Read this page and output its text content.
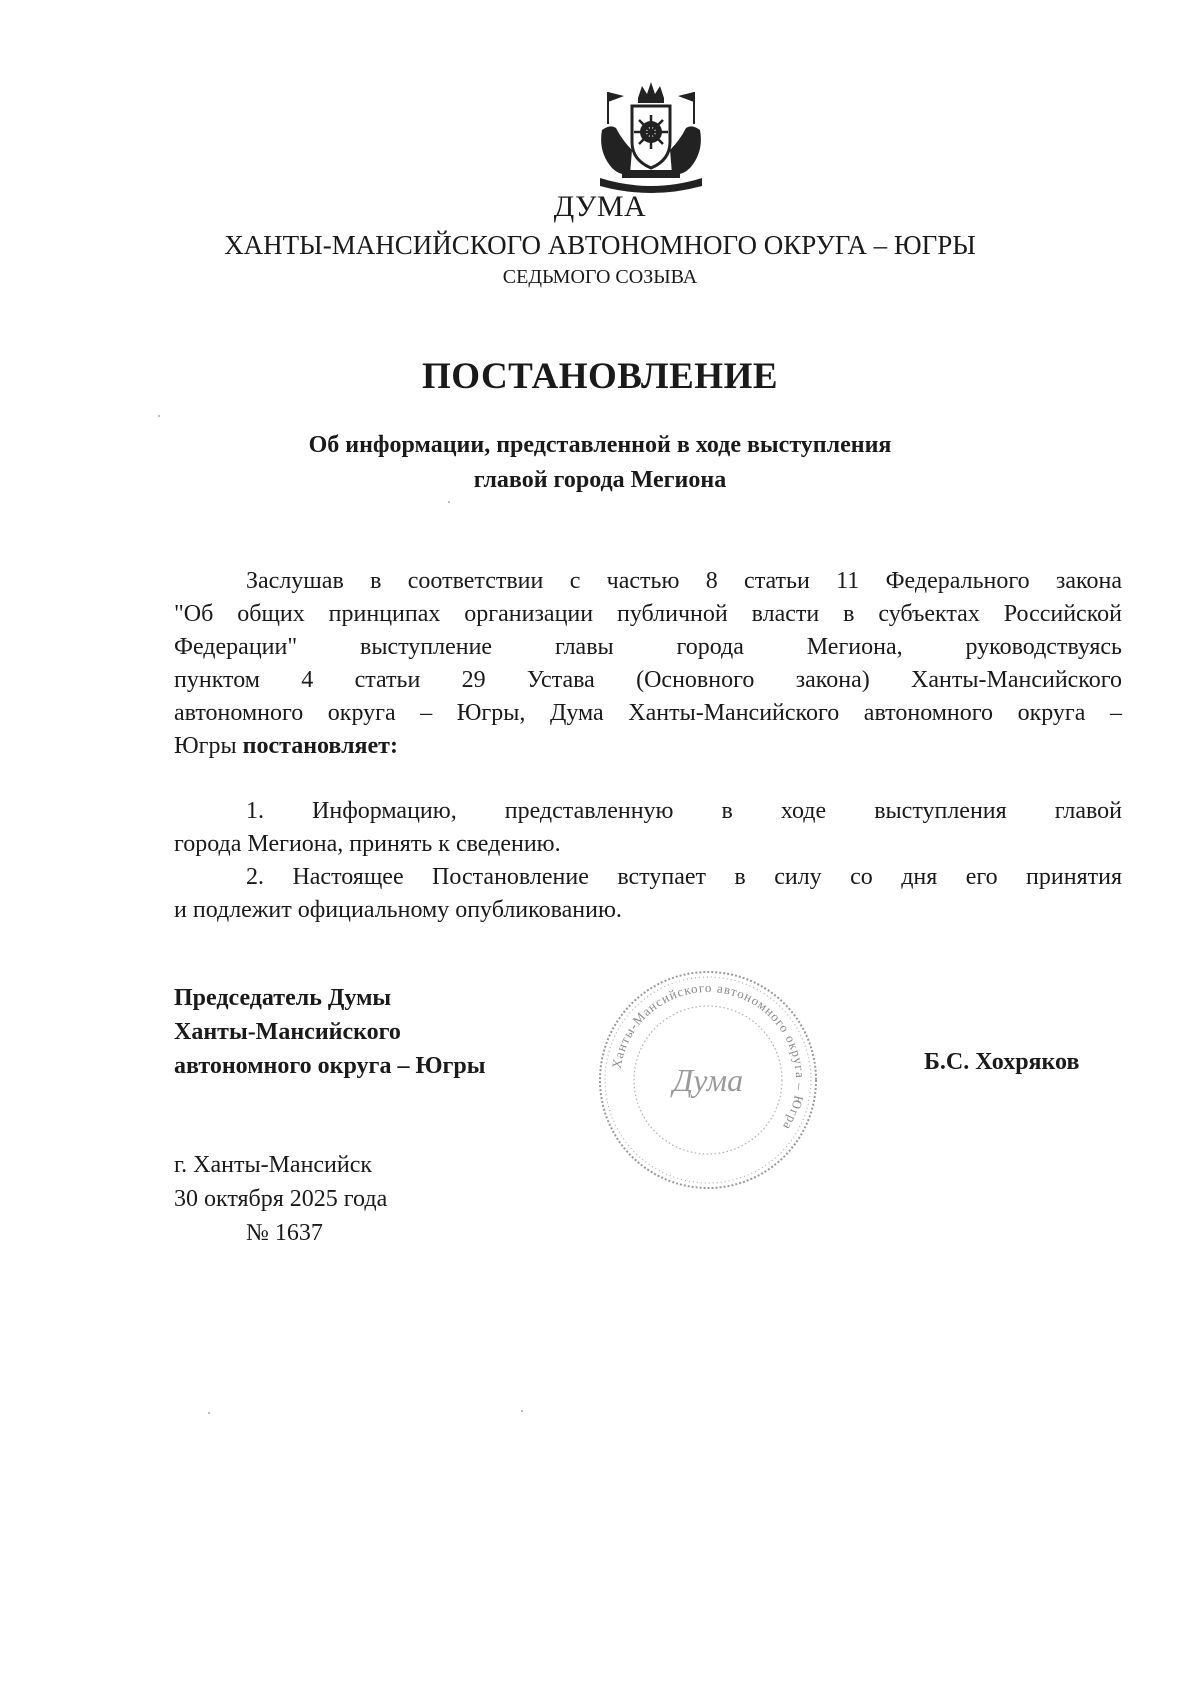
ДУМА
ХАНТЫ-МАНСИЙСКОГО АВТОНОМНОГО ОКРУГА – ЮГРЫ
СЕДЬМОГО СОЗЫВА
ПОСТАНОВЛЕНИЕ
Об информации, представленной в ходе выступления
главой города Мегиона
Заслушав в соответствии с частью 8 статьи 11 Федерального закона
"Об общих принципах организации публичной власти в субъектах Российской
Федерации" выступление главы города Мегиона, руководствуясь
пунктом 4 статьи 29 Устава (Основного закона) Ханты-Мансийского
автономного округа – Югры, Дума Ханты-Мансийского автономного округа –
Югры постановляет:
1. Информацию, представленную в ходе выступления главой
города Мегиона, принять к сведению.
2. Настоящее Постановление вступает в силу со дня его принятия
и подлежит официальному опубликованию.
Председатель Думы
Ханты-Мансийского
автономного округа – Югры	Ханты-Мансийского автономного округа – Югра
Дума	Б.С. Хохряков
г. Ханты-Мансийск
30 октября 2025 года
№ 1637
